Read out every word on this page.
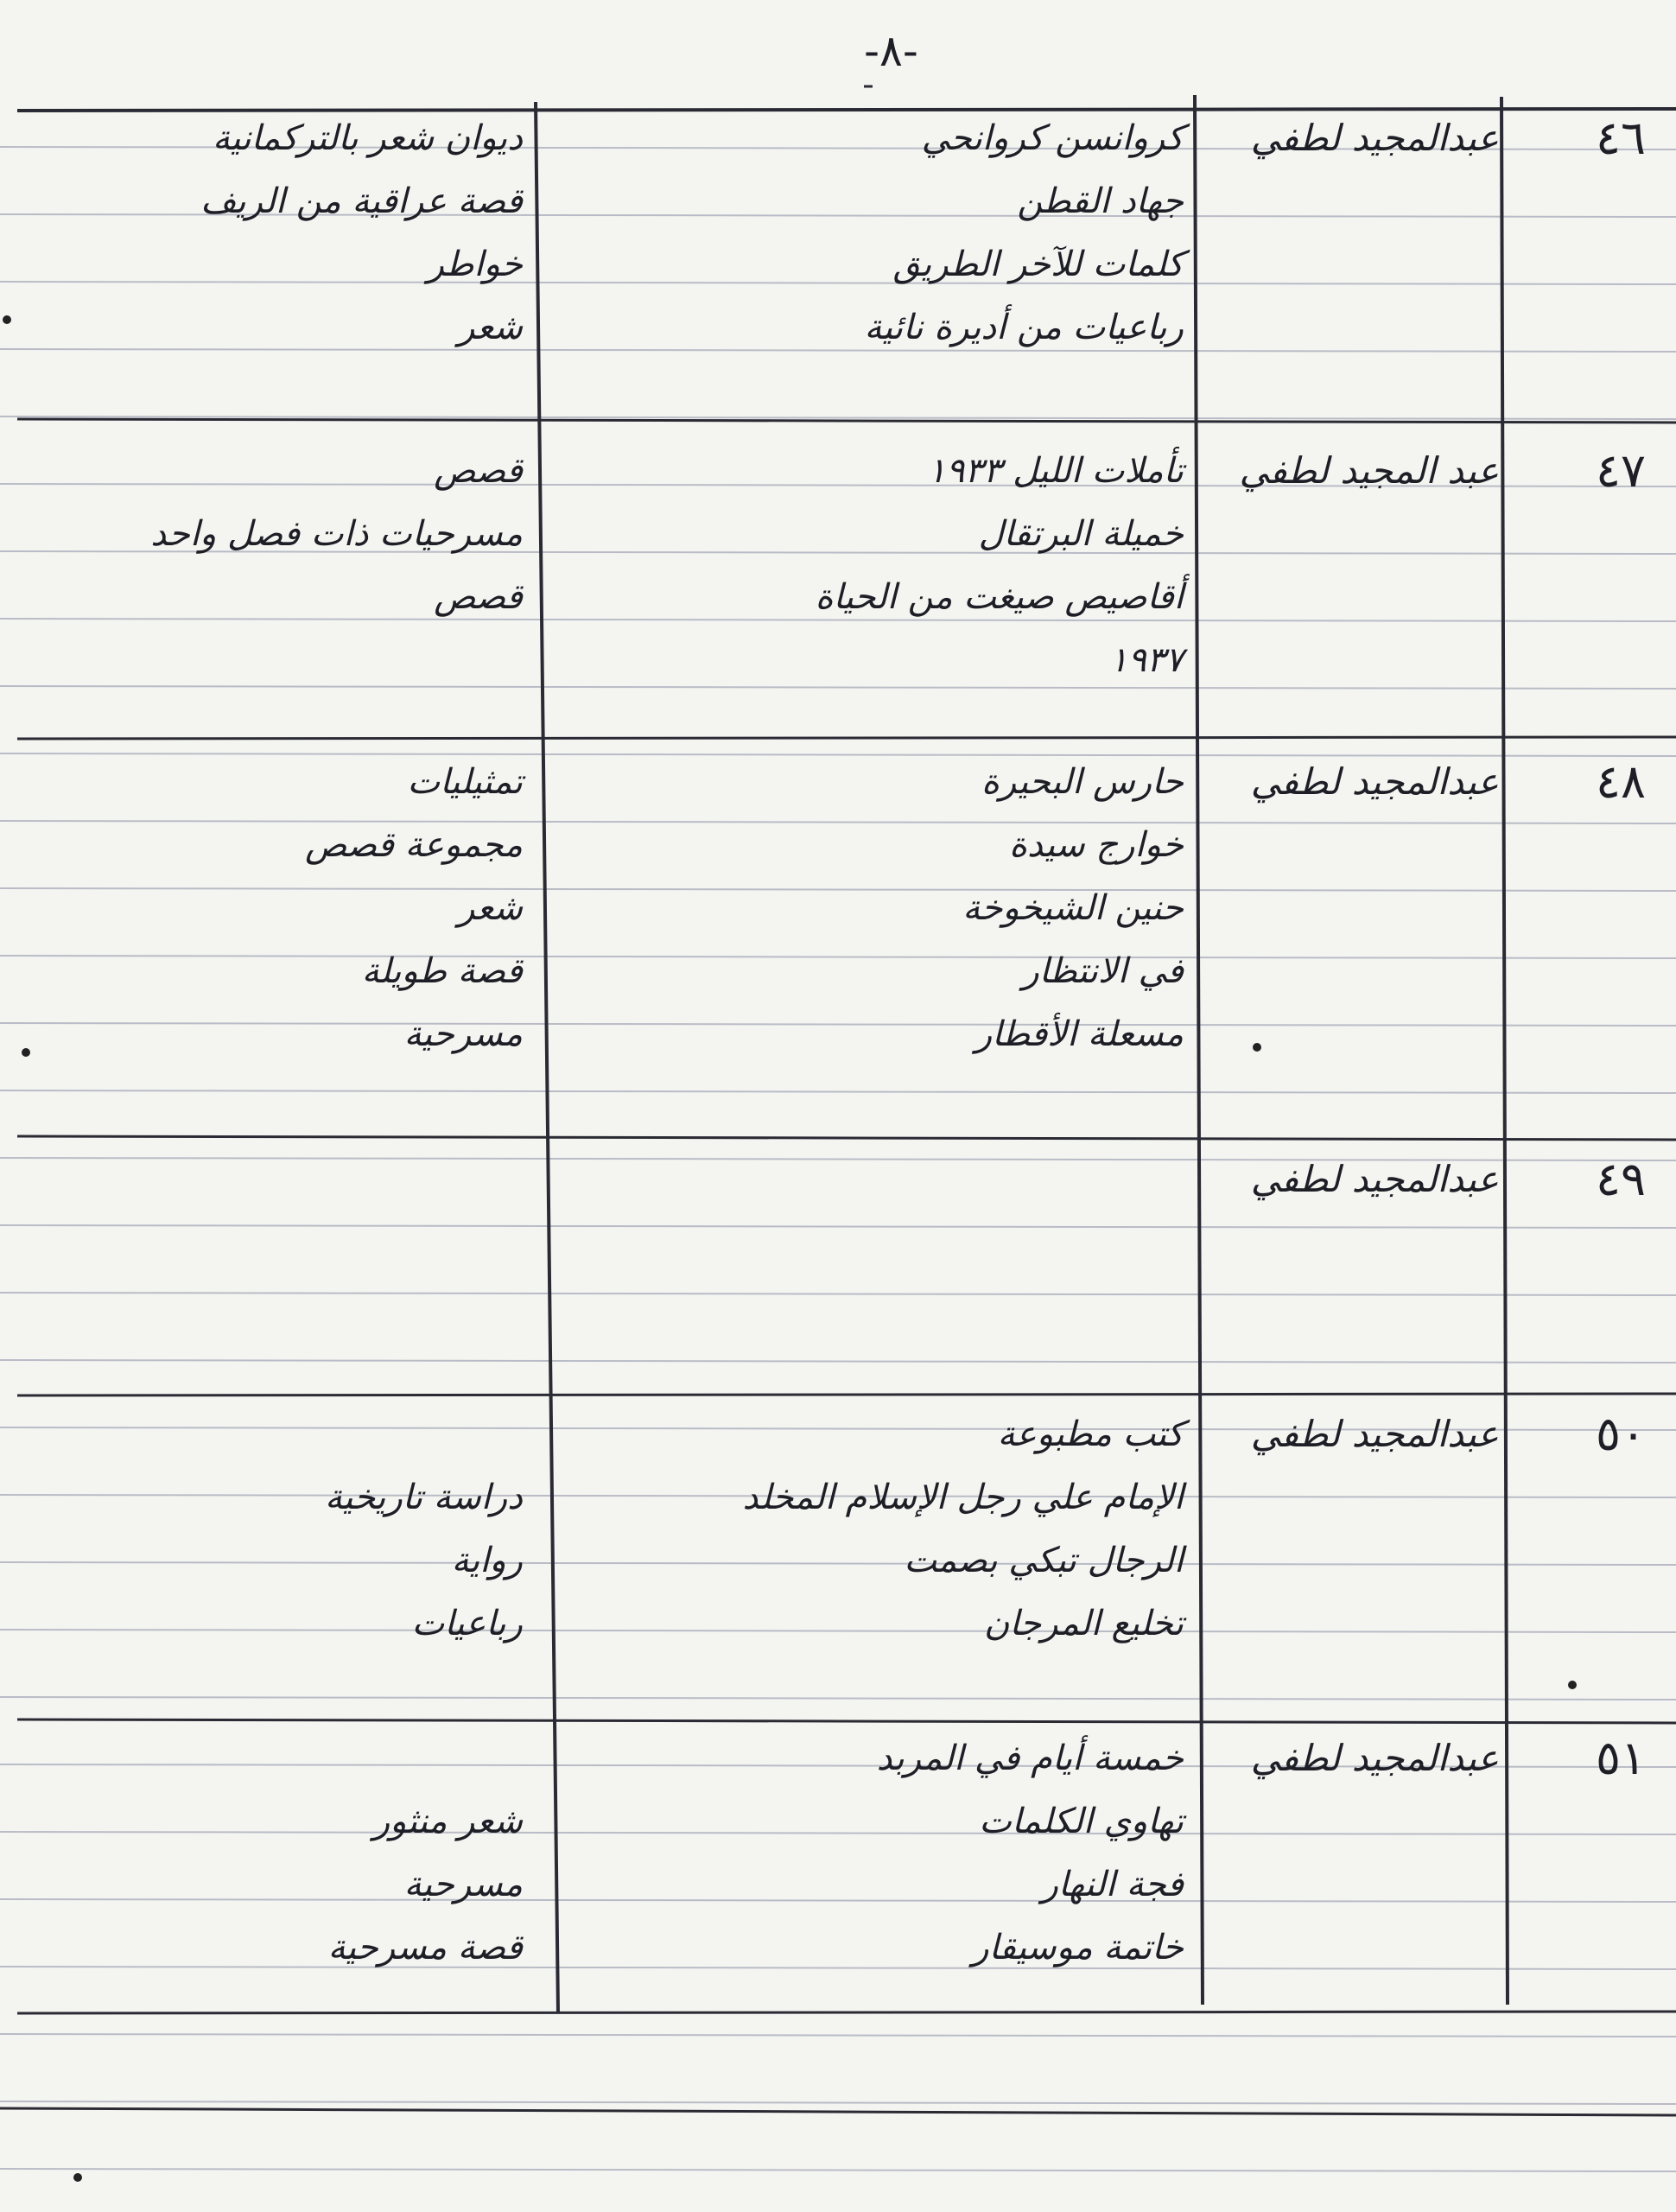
-٨-
٤٦
عبدالمجيد لطفي
كروانسن كروانحي
جهاد القطن
كلمات للآخر الطريق
رباعيات من أديرة نائية
ديوان شعر بالتركمانية
قصة عراقية من الريف
خواطر
شعر
٤٧
عبد المجيد لطفي
تأملات الليل ١٩٣٣
خميلة البرتقال
أقاصيص صيغت من الحياة
١٩٣٧
قصص
مسرحيات ذات فصل واحد
قصص
٤٨
عبدالمجيد لطفي
حارس البحيرة
خوارج سيدة
حنين الشيخوخة
في الانتظار
مسعلة الأقطار
تمثيليات
مجموعة قصص
شعر
قصة طويلة
مسرحية
٤٩
عبدالمجيد لطفي
٥٠
عبدالمجيد لطفي
كتب مطبوعة
الإمام علي رجل الإسلام المخلد
الرجال تبكي بصمت
تخليع المرجان
دراسة تاريخية
رواية
رباعيات
٥١
عبدالمجيد لطفي
خمسة أيام في المربد
تهاوي الكلمات
فجة النهار
خاتمة موسيقار
شعر منثور
مسرحية
قصة مسرحية
